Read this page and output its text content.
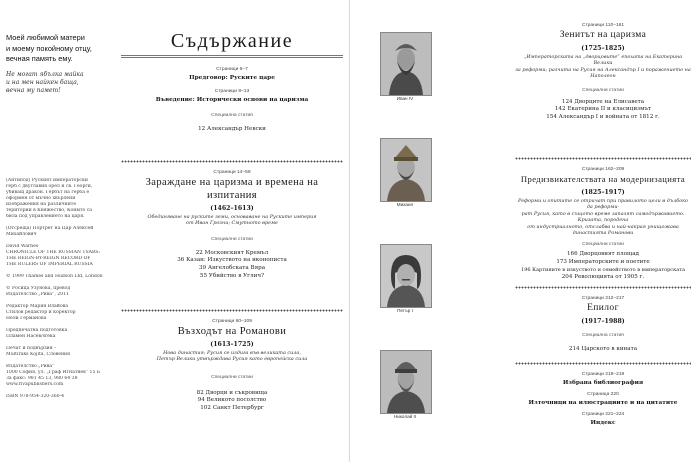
Моей любимой матери
и моему покойному отцу,
вечная память ему.
Не могат ябълка майка
и на мен найкен баща,
вечна му памет!
(Антипод) Руският императорски
герб с двуглавия орел и св. Георги,
убиващ дракон. Гербът на герба е
оформен от мъчно хвърлени
изображения на различните
територии в Княжество, Коимто са
била под управлението на царя.
(Отсреща) Портрет на Цар Алексей
Михайлович
David Warnes
CHRONICLE OF THE RUSSIAN TSARS:
THE REIGN-BY-REIGN RECORD OF
THE RULERS OF IMPERIAL RUSSIA
© 1999 Thames and Hudson Ltd, London
© Росица Узунова, превод
Издателство „Рива“, 2011
Редактор Мария Влайова
Стилов редактор и коректор
Нели Германова
Предпечатна подготовка
Пламен Насев/sreka
Печат и подвързия –
Multiraks Kojita, Словения
Издателство „Рива“
1000 София, ул. „Граф Игнатиев“ 15 Б
За факс: 981 45 13, 980 64 38
www.rivapublishers.com
ISBN 978-954-320-360-4
Съдържание
Страници 6–7
Предговор: Руските царе
Страници 8–13
Въведение: Исторически основи на царизма
Специална статия
12 Александър Невски
Страници 14–59
Зараждане на царизма и времена на изпитания
(1462–1613)
Обединяване на руските земи, основаване на Руските империя
от Иван Грозни; Смутното време
Специални статии
22 Московският Кремъл
36 Казан: Изкуството на иконописта
39 Ангелобската Вяра
55 Убийство в Углич?
Страници 60–109
Възходът на Романови
(1613–1725)
Нова династия; Русия се издига във великата сила,
Петър Велики утвърждава Русия като европейска сила
Специални статии
82 Дворци и съкровища
94 Великото посолство
102 Санкт Петербург
Иван IV
Михаил
Петър I
Николай II
Страници 110–161
Зенитът на царизма
(1725–1825)
„Императорската на „дворцовите“ епохата на Екатерина Велики
за реформи; разчита на Русия на Александър I и поражението на Наполеон
Специални статии
124 Дворците на Елисавета
142 Екатерина II и класицизмът
154 Александър I и войната от 1812 г.
Страници 162–209
Предизвикателствата на модернизацията
(1825–1917)
Реформи и опитите се отричат при правилото цели в дълбоко да реформи-
рат Русия, като в същото време запазят самодържавието. Кризата, породена
от индустриалното, отслабва и най-накрая унищожава династията Романови
Специални статии
166 Дворцовият площад
173 Императорските и поетите
196 Картините в изкуството и семейството в императорската
204 Революцията от 1905 г.
Страници 212–217
Епилог
(1917–1988)
Специална статия
214 Царското в кината
Страници 218–219
Избрана библиография
Страница 220
Източници на илюстрациите и на цитатите
Страници 221–224
Индекс
